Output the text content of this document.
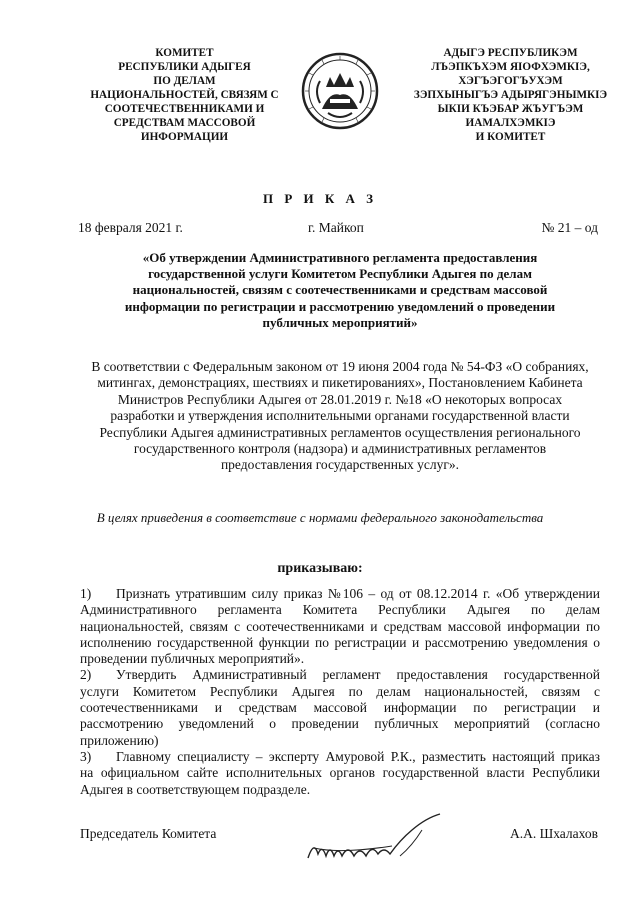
КОМИТЕТ
РЕСПУБЛИКИ АДЫГЕЯ
ПО ДЕЛАМ
НАЦИОНАЛЬНОСТЕЙ, СВЯЗЯМ С
СООТЕЧЕСТВЕННИКАМИ И
СРЕДСТВАМ МАССОВОЙ
ИНФОРМАЦИИ
АДЫГЭ РЕСПУБЛИКЭМ
ЛЪЭПКЪХЭМ ЯІОФХЭМКІЭ,
ХЭГЪЭГОГЪУХЭМ
ЗЭПХЫНЫГЪЭ АДЫРЯГЭНЫМКІЭ
ЫКІИ КЪЭБАР ЖЪУГЪЭМ
ИАМАЛХЭМКІЭ
И КОМИТЕТ
П Р И К А З
18 февраля 2021 г.	г. Майкоп	№ 21 – од
«Об утверждении Административного регламента предоставления
государственной услуги Комитетом Республики Адыгея по делам
национальностей, связям с соотечественниками и средствам массовой
информации по регистрации и рассмотрению уведомлений о проведении
публичных мероприятий»
В соответствии с Федеральным законом от 19 июня 2004 года № 54-ФЗ «О собраниях,
митингах, демонстрациях, шествиях и пикетированиях», Постановлением Кабинета
Министров Республики Адыгея от 28.01.2019 г. №18 «О некоторых вопросах
разработки и утверждения исполнительными органами государственной власти
Республики Адыгея административных регламентов осуществления регионального
государственного контроля (надзора) и административных регламентов
предоставления государственных услуг».
В целях приведения в соответствие с нормами федерального законодательства
приказываю:
1) Признать утратившим силу приказ №106 – од от 08.12.2014 г. «Об утверждении
Административного регламента Комитета Республики Адыгея по делам
национальностей, связям с соотечественниками и средствам массовой информации по
исполнению государственной функции по регистрации и рассмотрению уведомления о
проведении публичных мероприятий».
2) Утвердить Административный регламент предоставления государственной
услуги Комитетом Республики Адыгея по делам национальностей, связям с
соотечественниками и средствам массовой информации по регистрации и
рассмотрению уведомлений о проведении публичных мероприятий (согласно
приложению)
3) Главному специалисту – эксперту Амуровой Р.К., разместить настоящий приказ
на официальном сайте исполнительных органов государственной власти Республики
Адыгея в соответствующем подразделе.
Председатель Комитета	А.А. Шхалахов
